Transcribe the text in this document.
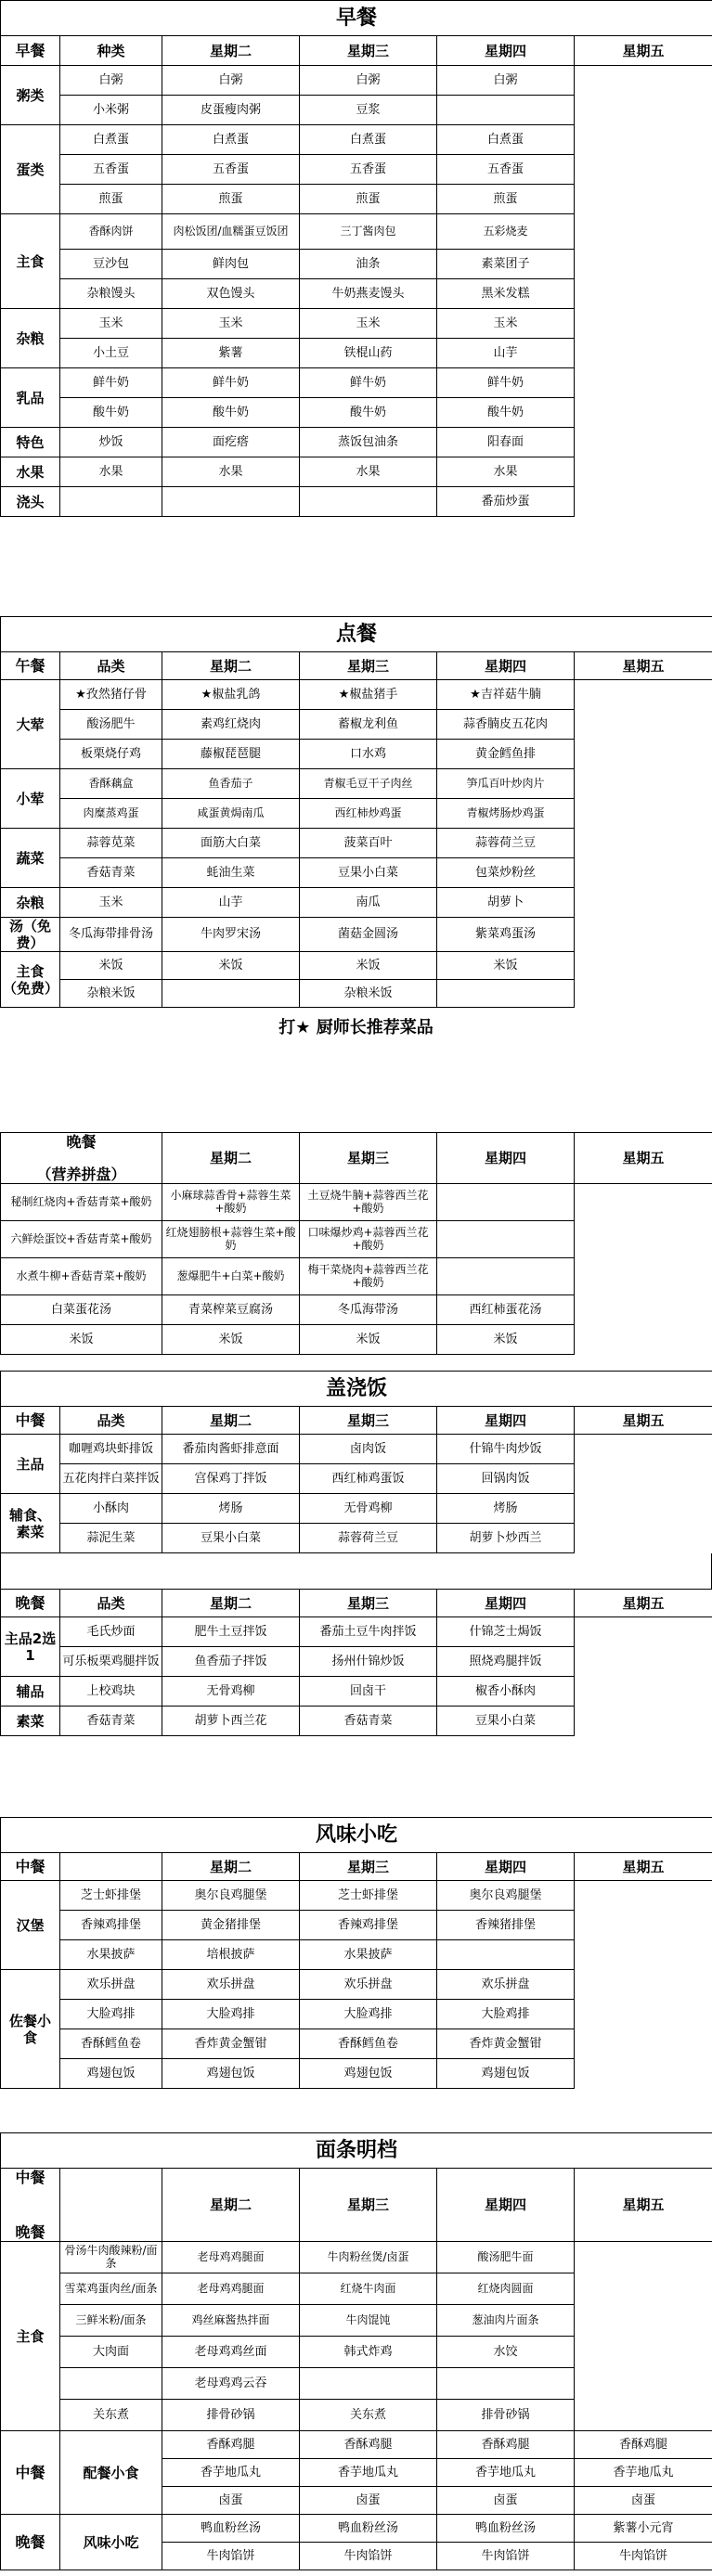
早餐					
早餐	种类	星期二	星期三	星期四	星期五
粥类	白粥	白粥	白粥	白粥	
	小米粥	皮蛋瘦肉粥	豆浆		
蛋类	白煮蛋	白煮蛋	白煮蛋	白煮蛋	
	五香蛋	五香蛋	五香蛋	五香蛋	
	煎蛋	煎蛋	煎蛋	煎蛋	
主食	香酥肉饼	肉松饭团/血糯蛋豆饭团	三丁酱肉包	五彩烧麦	
	豆沙包	鲜肉包	油条	素菜团子	
	杂粮馒头	双色馒头	牛奶燕麦馒头	黑米发糕	
杂粮	玉米	玉米	玉米	玉米	
	小土豆	紫薯	铁棍山药	山芋	
乳品	鲜牛奶	鲜牛奶	鲜牛奶	鲜牛奶	
	酸牛奶	酸牛奶	酸牛奶	酸牛奶	
特色	炒饭	面疙瘩	蒸饭包油条	阳春面	
水果	水果	水果	水果	水果	
浇头				番茄炒蛋	
点餐					
午餐	品类	星期二	星期三	星期四	星期五
大荤	★孜然猪仔骨	★椒盐乳鸽	★椒盐猪手	★吉祥菇牛腩	
	酸汤肥牛	素鸡红烧肉	蓄椒龙利鱼	蒜香腩皮五花肉	
	板栗烧仔鸡	藤椒琵琶腿	口水鸡	黄金鳕鱼排	
小荤	香酥藕盒	鱼香茄子	青椒毛豆干子肉丝	笋瓜百叶炒肉片	
	肉糜蒸鸡蛋	咸蛋黄焗南瓜	西红柿炒鸡蛋	青椒烤肠炒鸡蛋	
蔬菜	蒜蓉苋菜	面筋大白菜	菠菜百叶	蒜蓉荷兰豆	
	香菇青菜	蚝油生菜	豆果小白菜	包菜炒粉丝	
杂粮	玉米	山芋	南瓜	胡萝卜	
汤（免费）	冬瓜海带排骨汤	牛肉罗宋汤	菌菇金圆汤	紫菜鸡蛋汤	
主食（免费）	米饭	米饭	米饭	米饭	
	杂粮米饭		杂粮米饭		
打★ 厨师长推荐菜品
晚餐
（营养拼盘）	星期二	星期三	星期四	星期五
秘制红烧肉+香菇青菜+酸奶	小麻球蒜香骨+蒜蓉生菜+酸奶	土豆烧牛腩+蒜蓉西兰花+酸奶		
六鲜烩蛋饺+香菇青菜+酸奶	红烧翅膀根+蒜蓉生菜+酸奶	口味爆炒鸡+蒜蓉西兰花+酸奶		
水煮牛柳+香菇青菜+酸奶	葱爆肥牛+白菜+酸奶	梅干菜烧肉+蒜蓉西兰花+酸奶		
白菜蛋花汤	青菜榨菜豆腐汤	冬瓜海带汤	西红柿蛋花汤	
米饭	米饭	米饭	米饭	
盖浇饭					
中餐	品类	星期二	星期三	星期四	星期五
主品	咖喱鸡块虾排饭	番茄肉酱虾排意面	卤肉饭	什锦牛肉炒饭	
	五花肉拌白菜拌饭	宫保鸡丁拌饭	西红柿鸡蛋饭	回锅肉饭	
辅食、素菜	小酥肉	烤肠	无骨鸡柳	烤肠	
	蒜泥生菜	豆果小白菜	蒜蓉荷兰豆	胡萝卜炒西兰	
晚餐	品类	星期二	星期三	星期四	星期五
主品2选1	毛氏炒面	肥牛土豆拌饭	番茄土豆牛肉拌饭	什锦芝士焗饭	
	可乐板栗鸡腿拌饭	鱼香茄子拌饭	扬州什锦炒饭	照烧鸡腿拌饭	
辅品	上校鸡块	无骨鸡柳	回卤干	椒香小酥肉	
素菜	香菇青菜	胡萝卜西兰花	香菇青菜	豆果小白菜	
风味小吃					
中餐		星期二	星期三	星期四	星期五
汉堡	芝士虾排堡	奥尔良鸡腿堡	芝士虾排堡	奥尔良鸡腿堡	
	香辣鸡排堡	黄金猪排堡	香辣鸡排堡	香辣猪排堡	
	水果披萨	培根披萨	水果披萨		
佐餐小食	欢乐拼盘	欢乐拼盘	欢乐拼盘	欢乐拼盘	
	大脸鸡排	大脸鸡排	大脸鸡排	大脸鸡排	
	香酥鳕鱼卷	香炸黄金蟹钳	香酥鳕鱼卷	香炸黄金蟹钳	
	鸡翅包饭	鸡翅包饭	鸡翅包饭	鸡翅包饭	
面条明档					

中餐
晚餐		星期二	星期三	星期四	星期五
主食	骨汤牛肉酸辣粉/面条	老母鸡鸡腿面	牛肉粉丝煲/卤蛋	酸汤肥牛面	
	雪菜鸡蛋肉丝/面条	老母鸡鸡腿面	红烧牛肉面	红烧肉圆面	
	三鲜米粉/面条	鸡丝麻酱热拌面	牛肉馄饨	葱油肉片面条	
	大肉面	老母鸡鸡丝面	韩式炸鸡	水饺	
		老母鸡鸡云吞			
	关东煮	排骨砂锅	关东煮	排骨砂锅	
中餐	配餐小食	香酥鸡腿	香酥鸡腿	香酥鸡腿	香酥鸡腿
		香芋地瓜丸	香芋地瓜丸	香芋地瓜丸	香芋地瓜丸
		卤蛋	卤蛋	卤蛋	卤蛋
晚餐	风味小吃	鸭血粉丝汤	鸭血粉丝汤	鸭血粉丝汤	紫薯小元宵
		牛肉馅饼	牛肉馅饼	牛肉馅饼	牛肉馅饼
